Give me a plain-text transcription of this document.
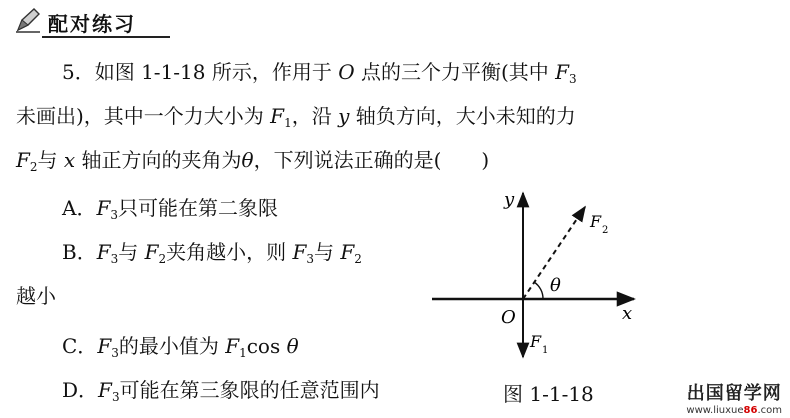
配对练习
5．如图 1-1-18 所示，作用于 O 点的三个力平衡(其中 $F_3$
未画出)，其中一个力大小为 $F_1$，沿 y 轴负方向，大小未知的力
$F_2$与 x 轴正方向的夹角为θ，下列说法正确的是(　　)
A．$F_3$只可能在第二象限
B．$F_3$与 $F_2$夹角越小，则 $F_3$与 $F_2$
越小
C．$F_3$的最小值为 $F_1\cos$ θ
D．$F_3$可能在第三象限的任意范围内
y
x
O
θ
F 2
F 1
图 1-1-18	出国留学网
www.liuxue86.com
